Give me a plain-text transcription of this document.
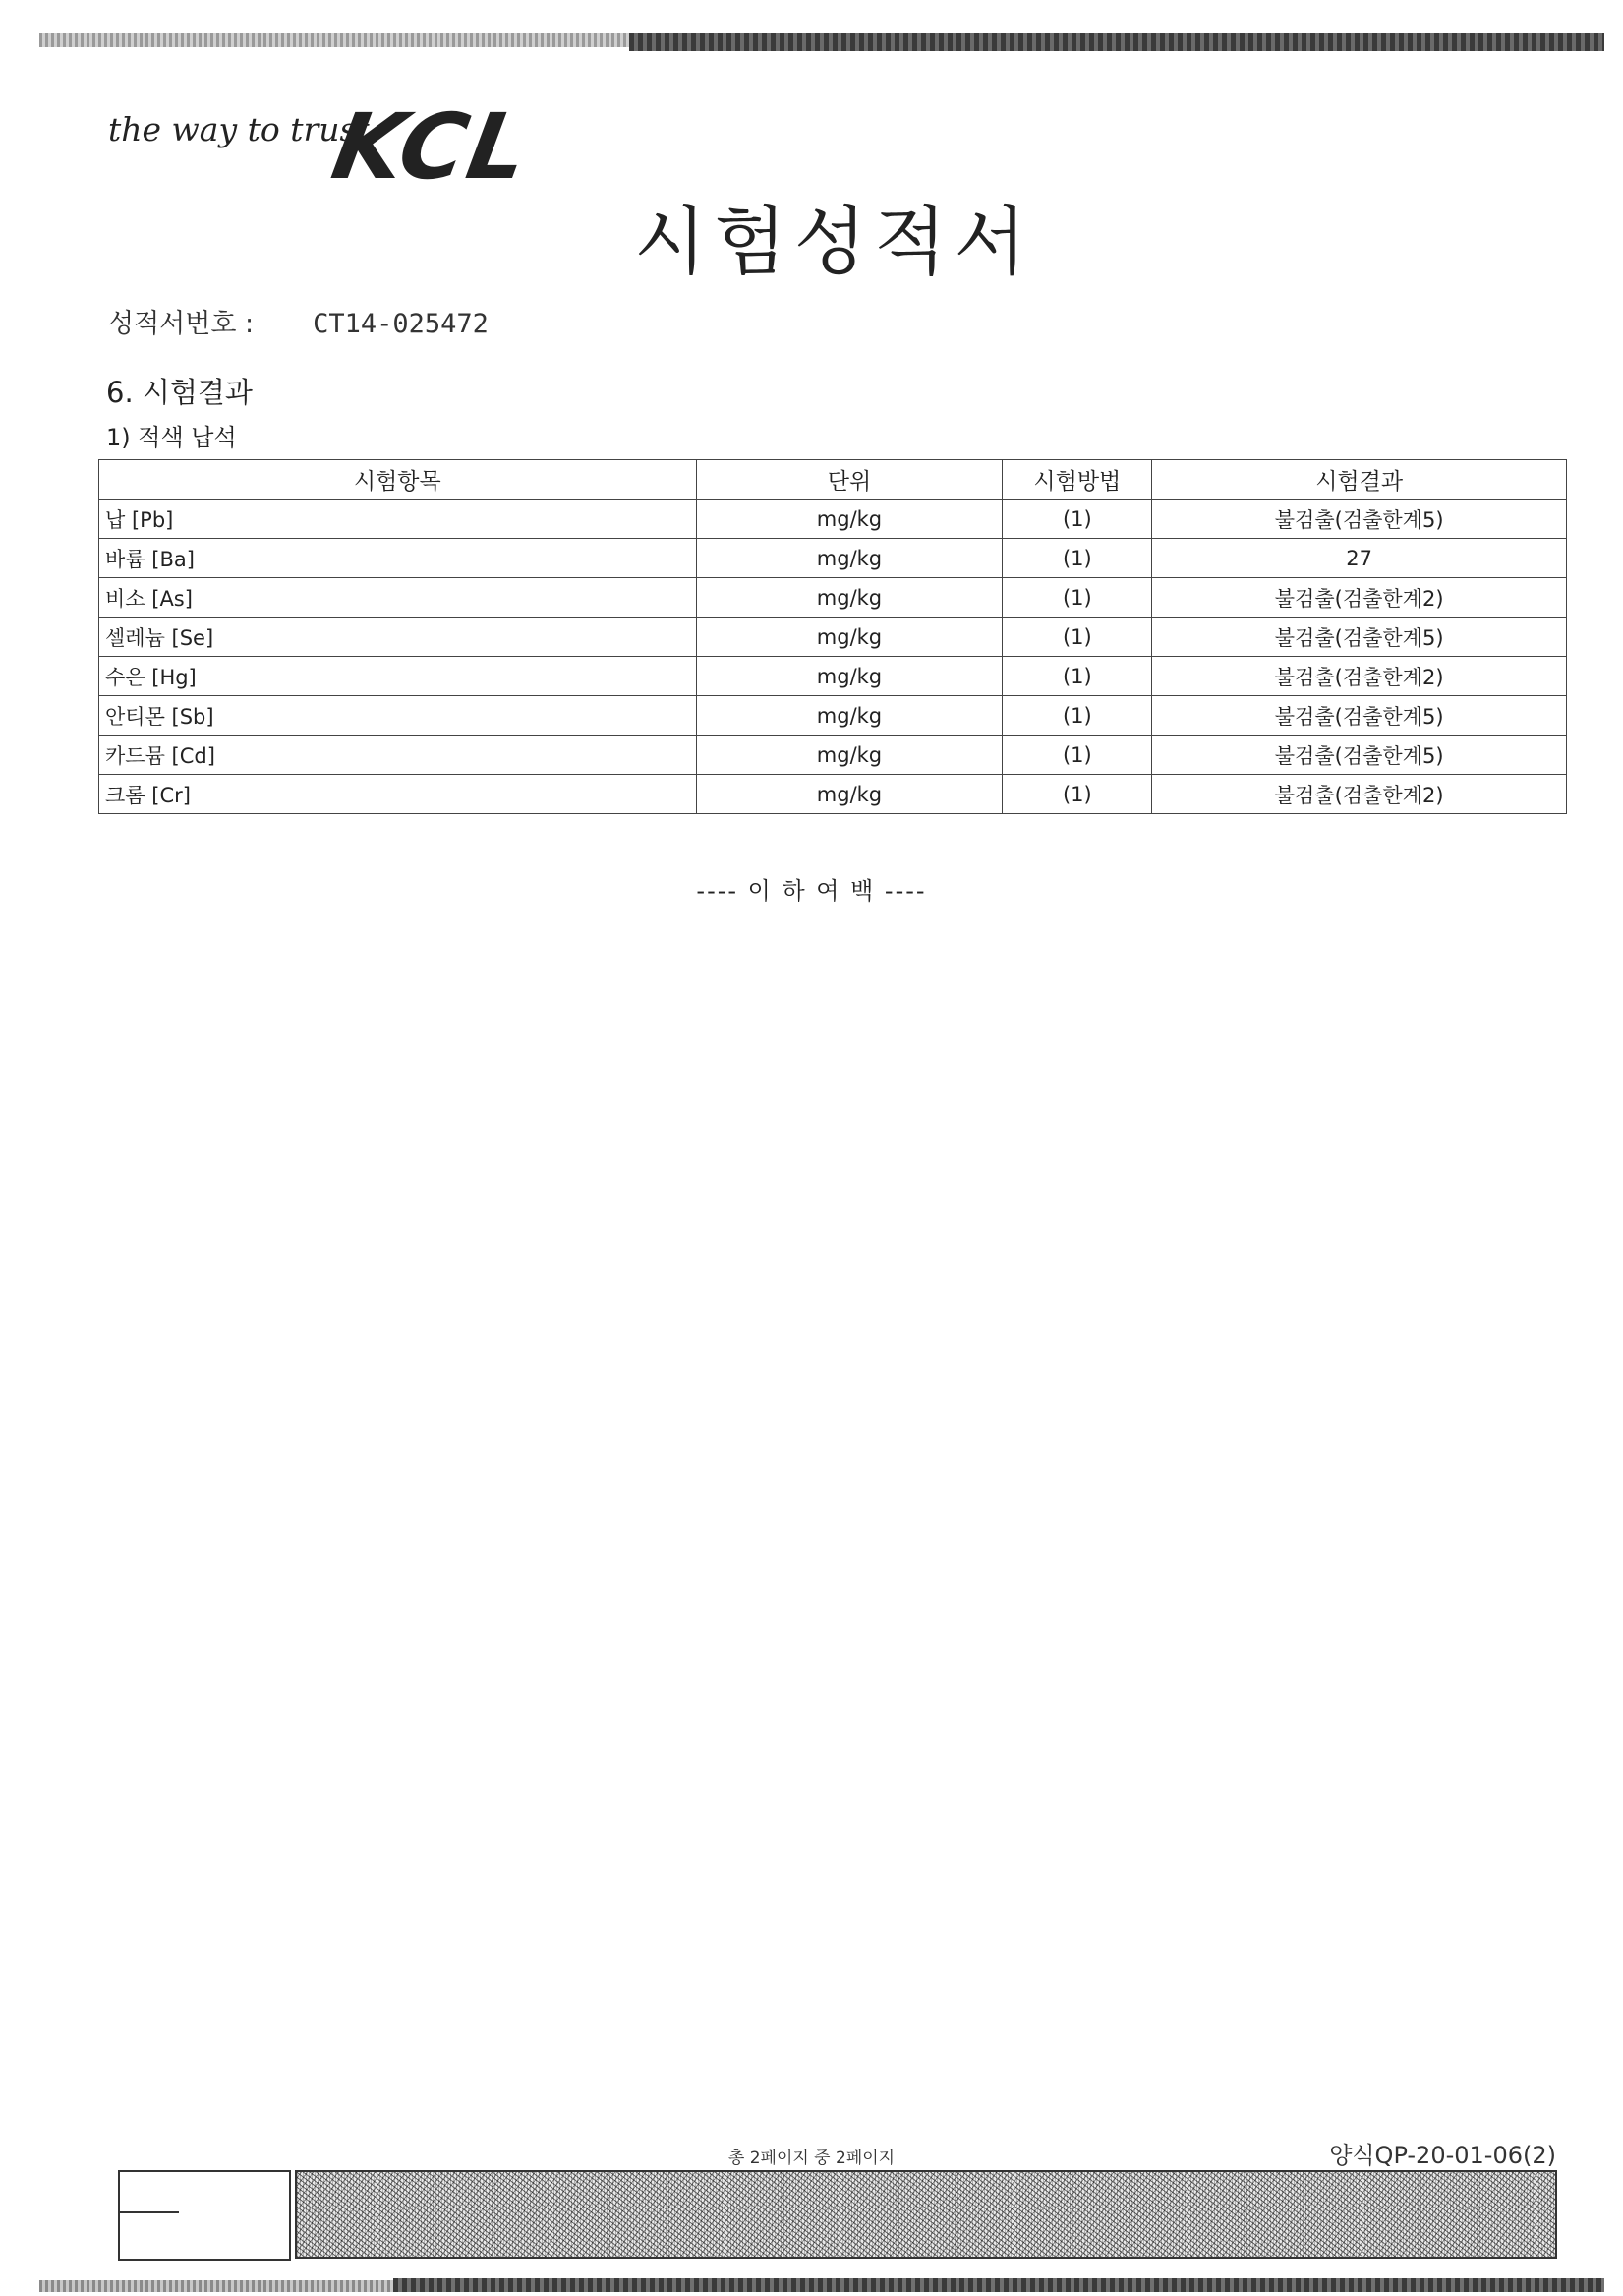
the way to trust
KCL
시험성적서
성적서번호 : CT14-025472
6. 시험결과
1) 적색 납석
시험항목	단위	시험방법	시험결과
납 [Pb]	mg/kg	(1)	불검출(검출한계5)
바륨 [Ba]	mg/kg	(1)	27
비소 [As]	mg/kg	(1)	불검출(검출한계2)
셀레늄 [Se]	mg/kg	(1)	불검출(검출한계5)
수은 [Hg]	mg/kg	(1)	불검출(검출한계2)
안티몬 [Sb]	mg/kg	(1)	불검출(검출한계5)
카드뮴 [Cd]	mg/kg	(1)	불검출(검출한계5)
크롬 [Cr]	mg/kg	(1)	불검출(검출한계2)
---- 이 하 여 백 ----
총 2페이지 중 2페이지	양식QP-20-01-06(2)
